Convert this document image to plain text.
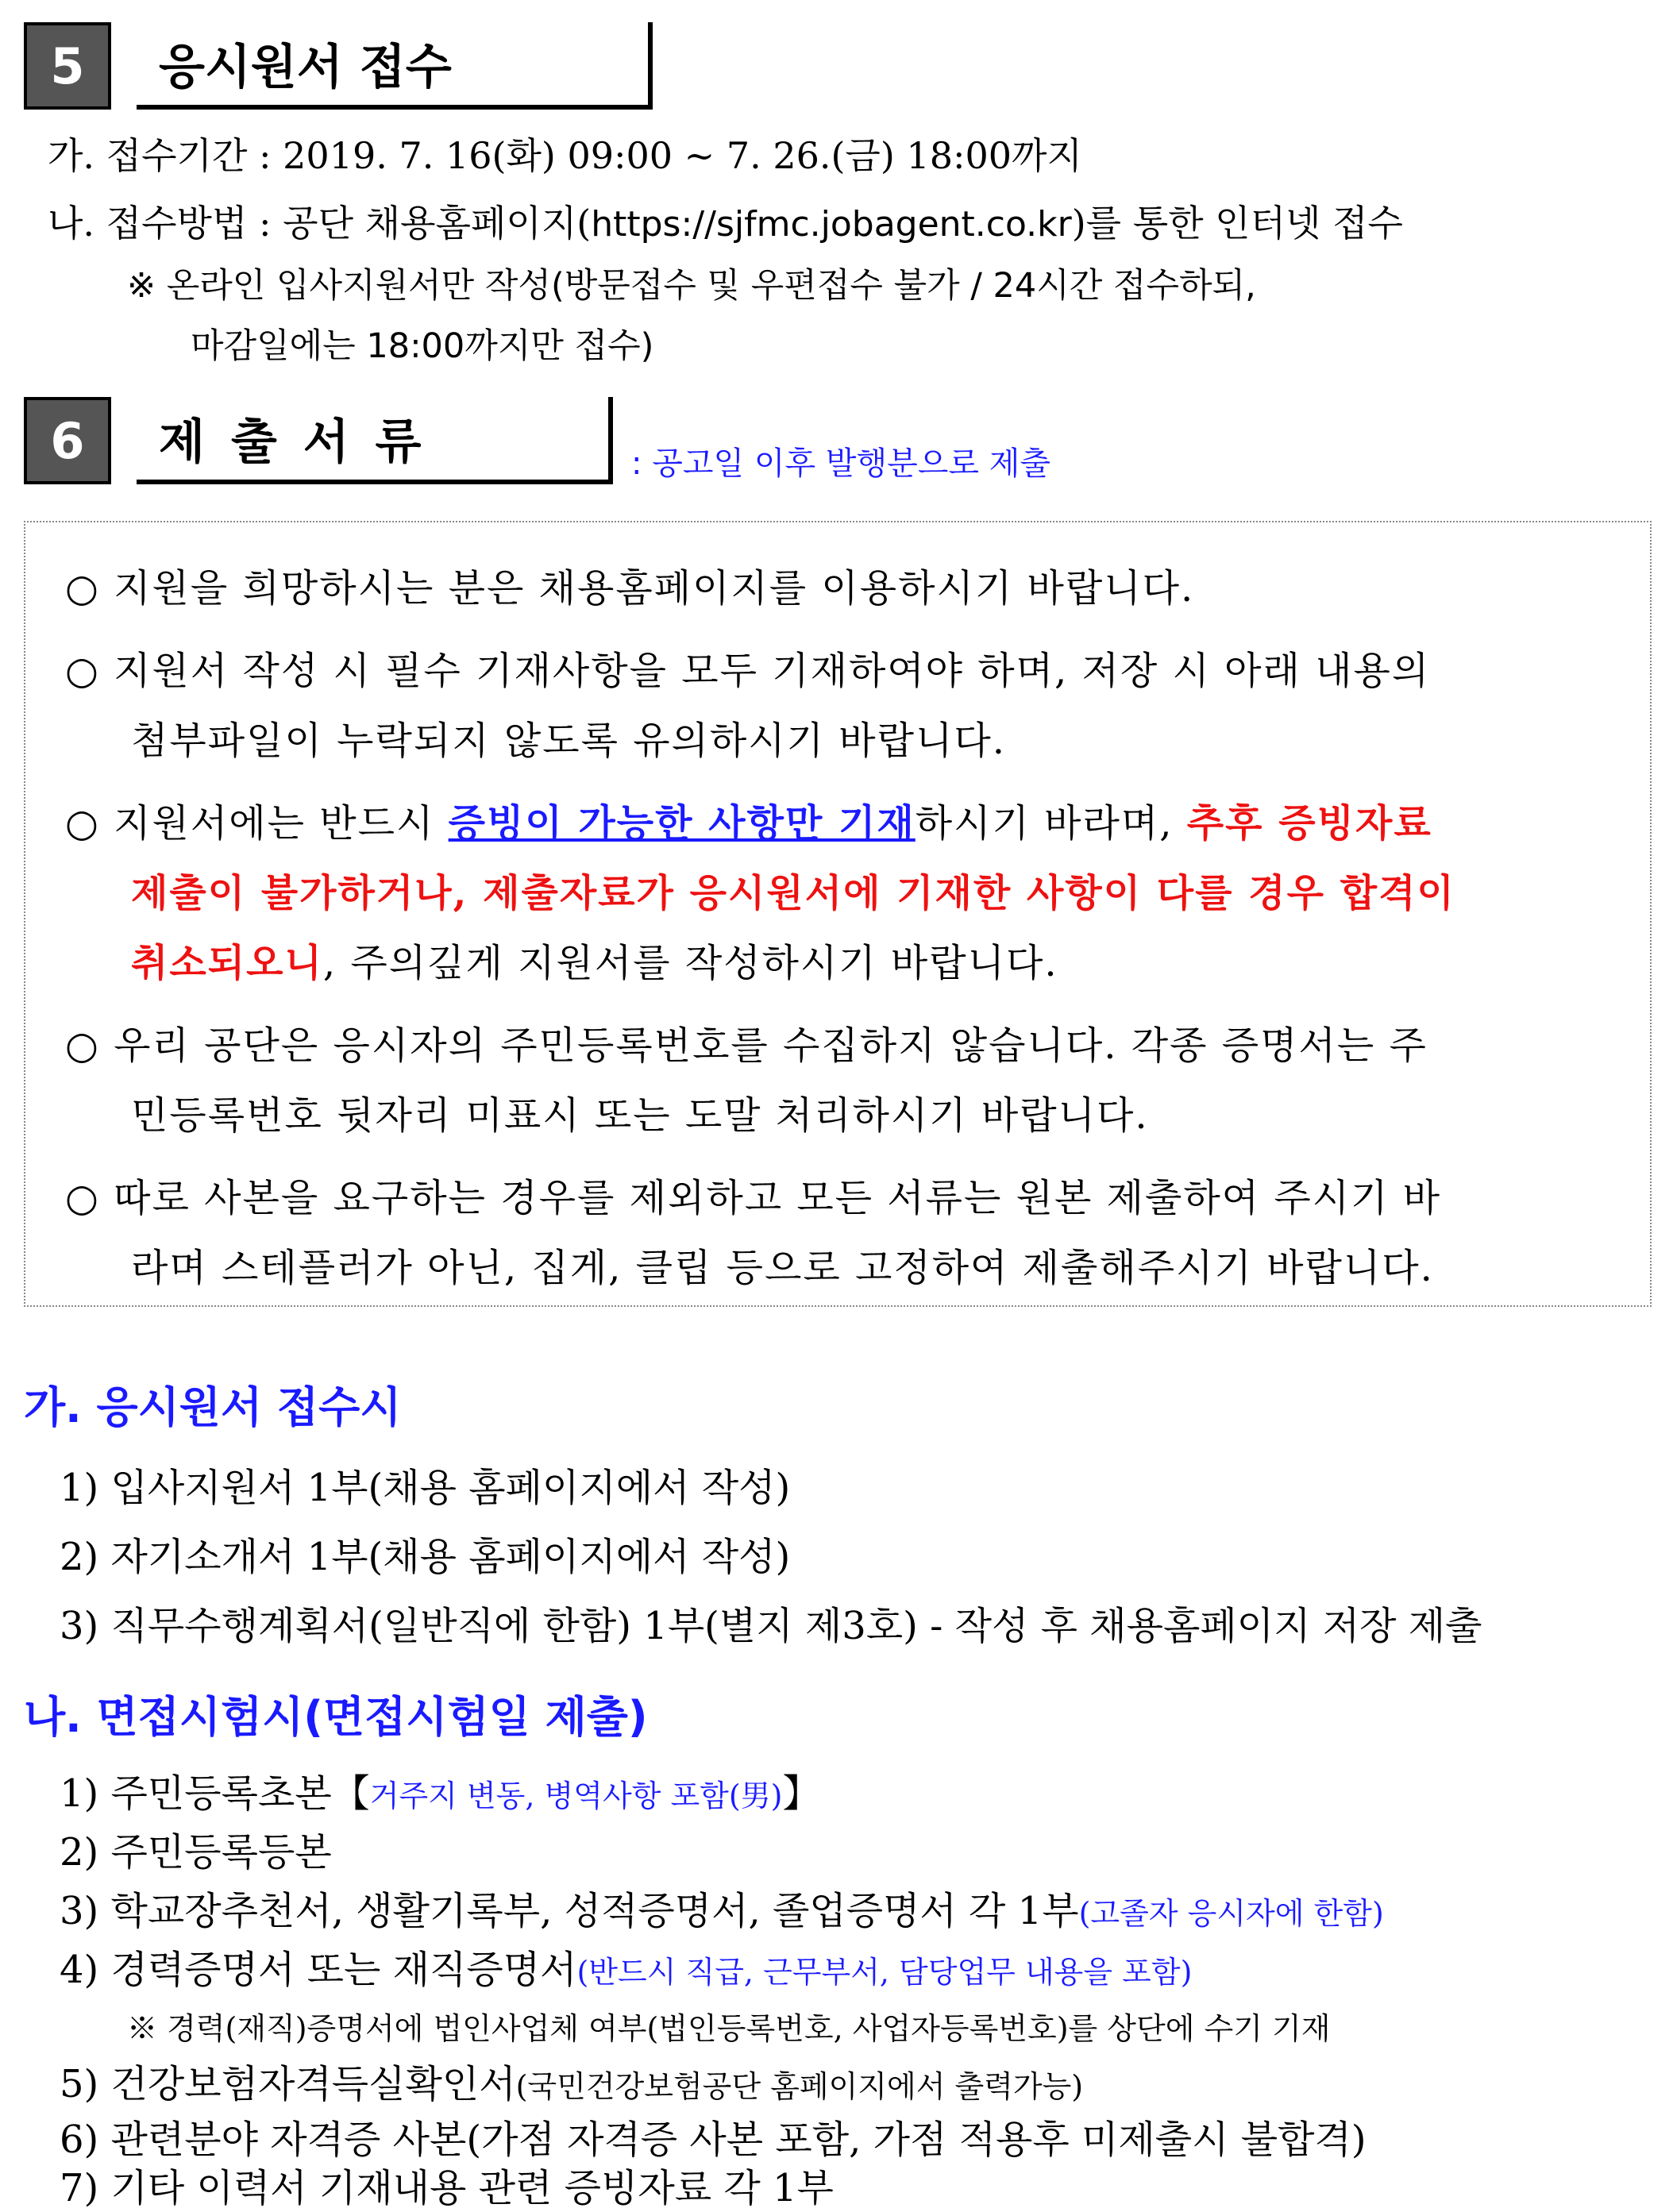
5	응시원서 접수
가. 접수기간 : 2019. 7. 16(화) 09:00 ~ 7. 26.(금) 18:00까지
나. 접수방법 : 공단 채용홈페이지(https://sjfmc.jobagent.co.kr)를 통한 인터넷 접수
※ 온라인 입사지원서만 작성(방문접수 및 우편접수 불가 / 24시간 접수하되,
마감일에는 18:00까지만 접수)
6	제 출 서 류	: 공고일 이후 발행분으로 제출
○ 지원을 희망하시는 분은 채용홈페이지를 이용하시기 바랍니다.
○ 지원서 작성 시 필수 기재사항을 모두 기재하여야 하며, 저장 시 아래 내용의
첨부파일이 누락되지 않도록 유의하시기 바랍니다.
○ 지원서에는 반드시 증빙이 가능한 사항만 기재하시기 바라며, 추후 증빙자료
제출이 불가하거나, 제출자료가 응시원서에 기재한 사항이 다를 경우 합격이
취소되오니, 주의깊게 지원서를 작성하시기 바랍니다.
○ 우리 공단은 응시자의 주민등록번호를 수집하지 않습니다. 각종 증명서는 주
민등록번호 뒷자리 미표시 또는 도말 처리하시기 바랍니다.
○ 따로 사본을 요구하는 경우를 제외하고 모든 서류는 원본 제출하여 주시기 바
라며 스테플러가 아닌, 집게, 클립 등으로 고정하여 제출해주시기 바랍니다.
가. 응시원서 접수시
1) 입사지원서 1부(채용 홈페이지에서 작성)
2) 자기소개서 1부(채용 홈페이지에서 작성)
3) 직무수행계획서(일반직에 한함) 1부(별지 제3호) - 작성 후 채용홈페이지 저장 제출
나. 면접시험시(면접시험일 제출)
1) 주민등록초본【거주지 변동, 병역사항 포함(男)】
2) 주민등록등본
3) 학교장추천서, 생활기록부, 성적증명서, 졸업증명서 각 1부(고졸자 응시자에 한함)
4) 경력증명서 또는 재직증명서(반드시 직급, 근무부서, 담당업무 내용을 포함)
※ 경력(재직)증명서에 법인사업체 여부(법인등록번호, 사업자등록번호)를 상단에 수기 기재
5) 건강보험자격득실확인서(국민건강보험공단 홈페이지에서 출력가능)
6) 관련분야 자격증 사본(가점 자격증 사본 포함, 가점 적용후 미제출시 불합격)
7) 기타 이력서 기재내용 관련 증빙자료 각 1부
